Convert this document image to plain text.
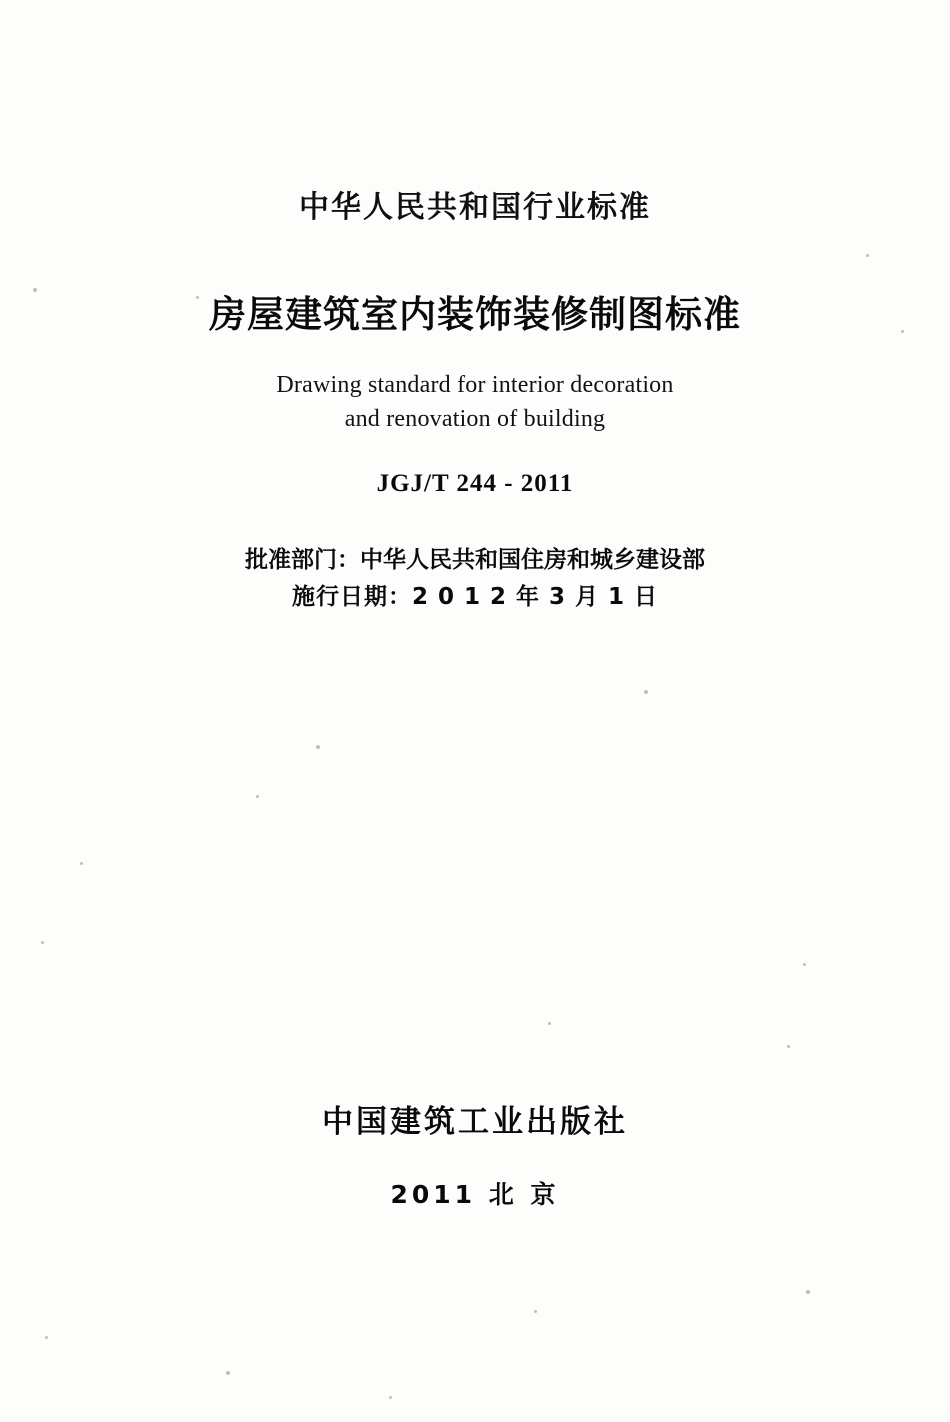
中华人民共和国行业标准
房屋建筑室内装饰装修制图标准
Drawing standard for interior decoration
and renovation of building
JGJ/T 244 - 2011
批准部门：中华人民共和国住房和城乡建设部
施行日期：2 0 1 2 年 3 月 1 日
中国建筑工业出版社
2011 北 京
